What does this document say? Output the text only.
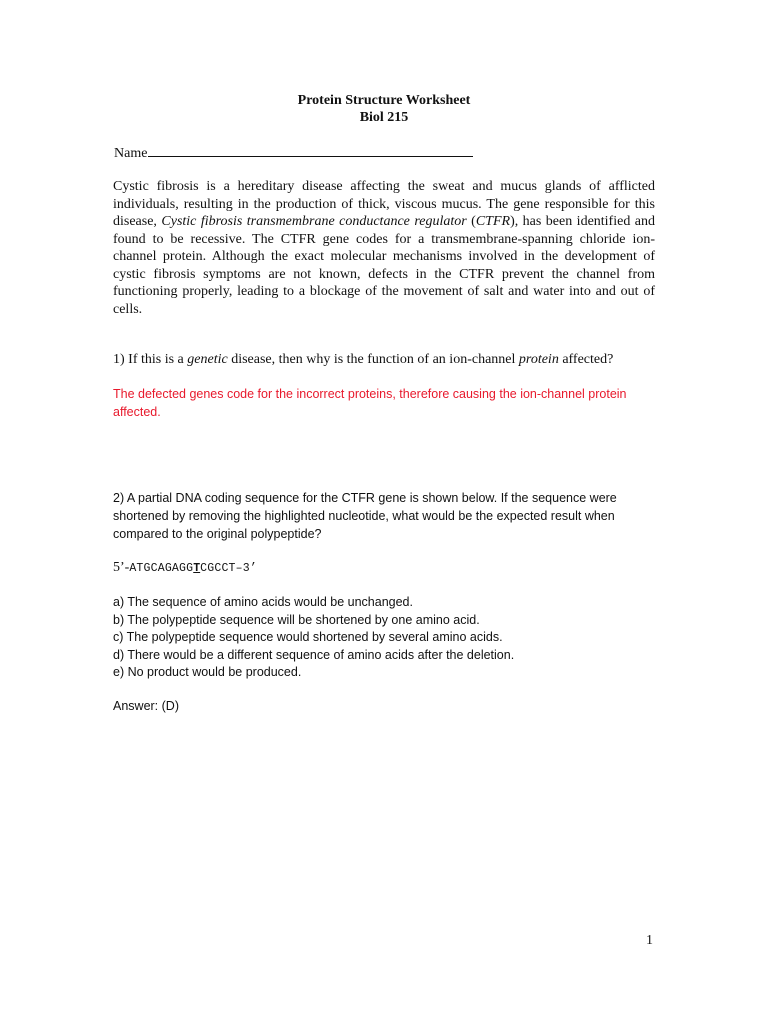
Protein Structure Worksheet
Biol 215
Name
Cystic fibrosis is a hereditary disease affecting the sweat and mucus glands of afflicted individuals, resulting in the production of thick, viscous mucus. The gene responsible for this disease, Cystic fibrosis transmembrane conductance regulator (CTFR), has been identified and found to be recessive. The CTFR gene codes for a transmembrane-spanning chloride ion-channel protein. Although the exact molecular mechanisms involved in the development of cystic fibrosis symptoms are not known, defects in the CTFR prevent the channel from functioning properly, leading to a blockage of the movement of salt and water into and out of cells.
1) If this is a genetic disease, then why is the function of an ion-channel protein affected?
The defected genes code for the incorrect proteins, therefore causing the ion-channel protein affected.
2) A partial DNA coding sequence for the CTFR gene is shown below. If the sequence were shortened by removing the highlighted nucleotide, what would be the expected result when compared to the original polypeptide?
5’-ATGCAGAGGTCGCCT–3’
a) The sequence of amino acids would be unchanged.
b) The polypeptide sequence will be shortened by one amino acid.
c) The polypeptide sequence would shortened by several amino acids.
d) There would be a different sequence of amino acids after the deletion.
e) No product would be produced.
Answer: (D)
1
